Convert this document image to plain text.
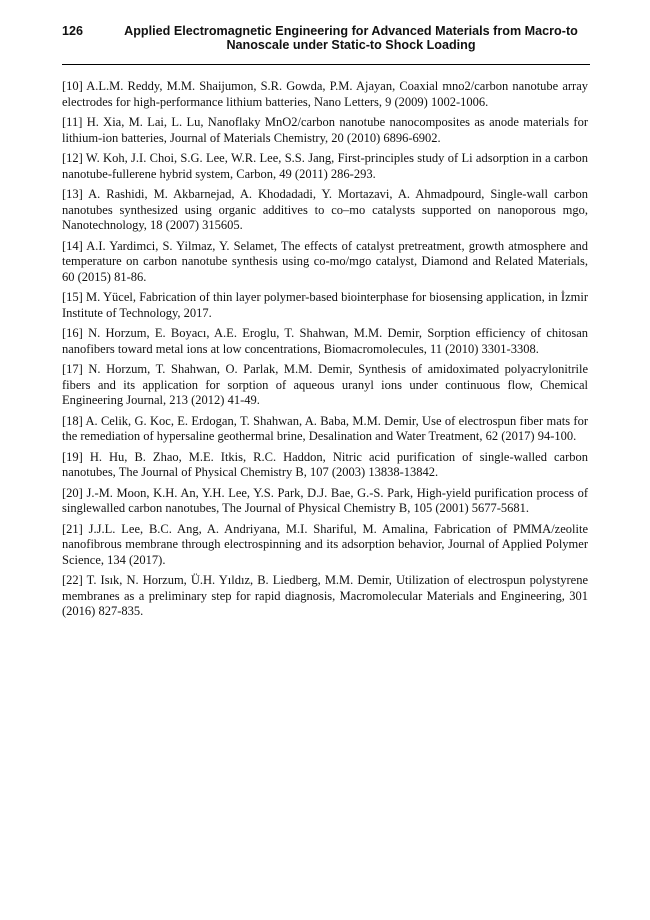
126	Applied Electromagnetic Engineering for Advanced Materials from Macro-to
Nanoscale under Static-to Shock Loading

[10] A.L.M. Reddy, M.M. Shaijumon, S.R. Gowda, P.M. Ajayan, Coaxial mno2/carbon nanotube array electrodes for high-performance lithium batteries, Nano Letters, 9 (2009) 1002-1006.

[11] H. Xia, M. Lai, L. Lu, Nanoflaky MnO2/carbon nanotube nanocomposites as anode materials for lithium-ion batteries, Journal of Materials Chemistry, 20 (2010) 6896-6902.

[12] W. Koh, J.I. Choi, S.G. Lee, W.R. Lee, S.S. Jang, First-principles study of Li adsorption in a carbon nanotube-fullerene hybrid system, Carbon, 49 (2011) 286-293.

[13] A. Rashidi, M. Akbarnejad, A. Khodadadi, Y. Mortazavi, A. Ahmadpourd, Single-wall carbon nanotubes synthesized using organic additives to co–mo catalysts supported on nanoporous mgo, Nanotechnology, 18 (2007) 315605.

[14] A.I. Yardimci, S. Yilmaz, Y. Selamet, The effects of catalyst pretreatment, growth atmosphere and temperature on carbon nanotube synthesis using co-mo/mgo catalyst, Diamond and Related Materials, 60 (2015) 81-86.

[15] M. Yücel, Fabrication of thin layer polymer-based biointerphase for biosensing application, in İzmir Institute of Technology, 2017.

[16] N. Horzum, E. Boyacı, A.E. Eroglu, T. Shahwan, M.M. Demir, Sorption efficiency of chitosan nanofibers toward metal ions at low concentrations, Biomacromolecules, 11 (2010) 3301-3308.

[17] N. Horzum, T. Shahwan, O. Parlak, M.M. Demir, Synthesis of amidoximated polyacrylonitrile fibers and its application for sorption of aqueous uranyl ions under continuous flow, Chemical Engineering Journal, 213 (2012) 41-49.

[18] A. Celik, G. Koc, E. Erdogan, T. Shahwan, A. Baba, M.M. Demir, Use of electrospun fiber mats for the remediation of hypersaline geothermal brine, Desalination and Water Treatment, 62 (2017) 94-100.

[19] H. Hu, B. Zhao, M.E. Itkis, R.C. Haddon, Nitric acid purification of single-walled carbon nanotubes, The Journal of Physical Chemistry B, 107 (2003) 13838-13842.

[20] J.-M. Moon, K.H. An, Y.H. Lee, Y.S. Park, D.J. Bae, G.-S. Park, High-yield purification process of singlewalled carbon nanotubes, The Journal of Physical Chemistry B, 105 (2001) 5677-5681.

[21] J.J.L. Lee, B.C. Ang, A. Andriyana, M.I. Shariful, M. Amalina, Fabrication of PMMA/zeolite nanofibrous membrane through electrospinning and its adsorption behavior, Journal of Applied Polymer Science, 134 (2017).

[22] T. Isık, N. Horzum, Ü.H. Yıldız, B. Liedberg, M.M. Demir, Utilization of electrospun polystyrene membranes as a preliminary step for rapid diagnosis, Macromolecular Materials and Engineering, 301 (2016) 827-835.
